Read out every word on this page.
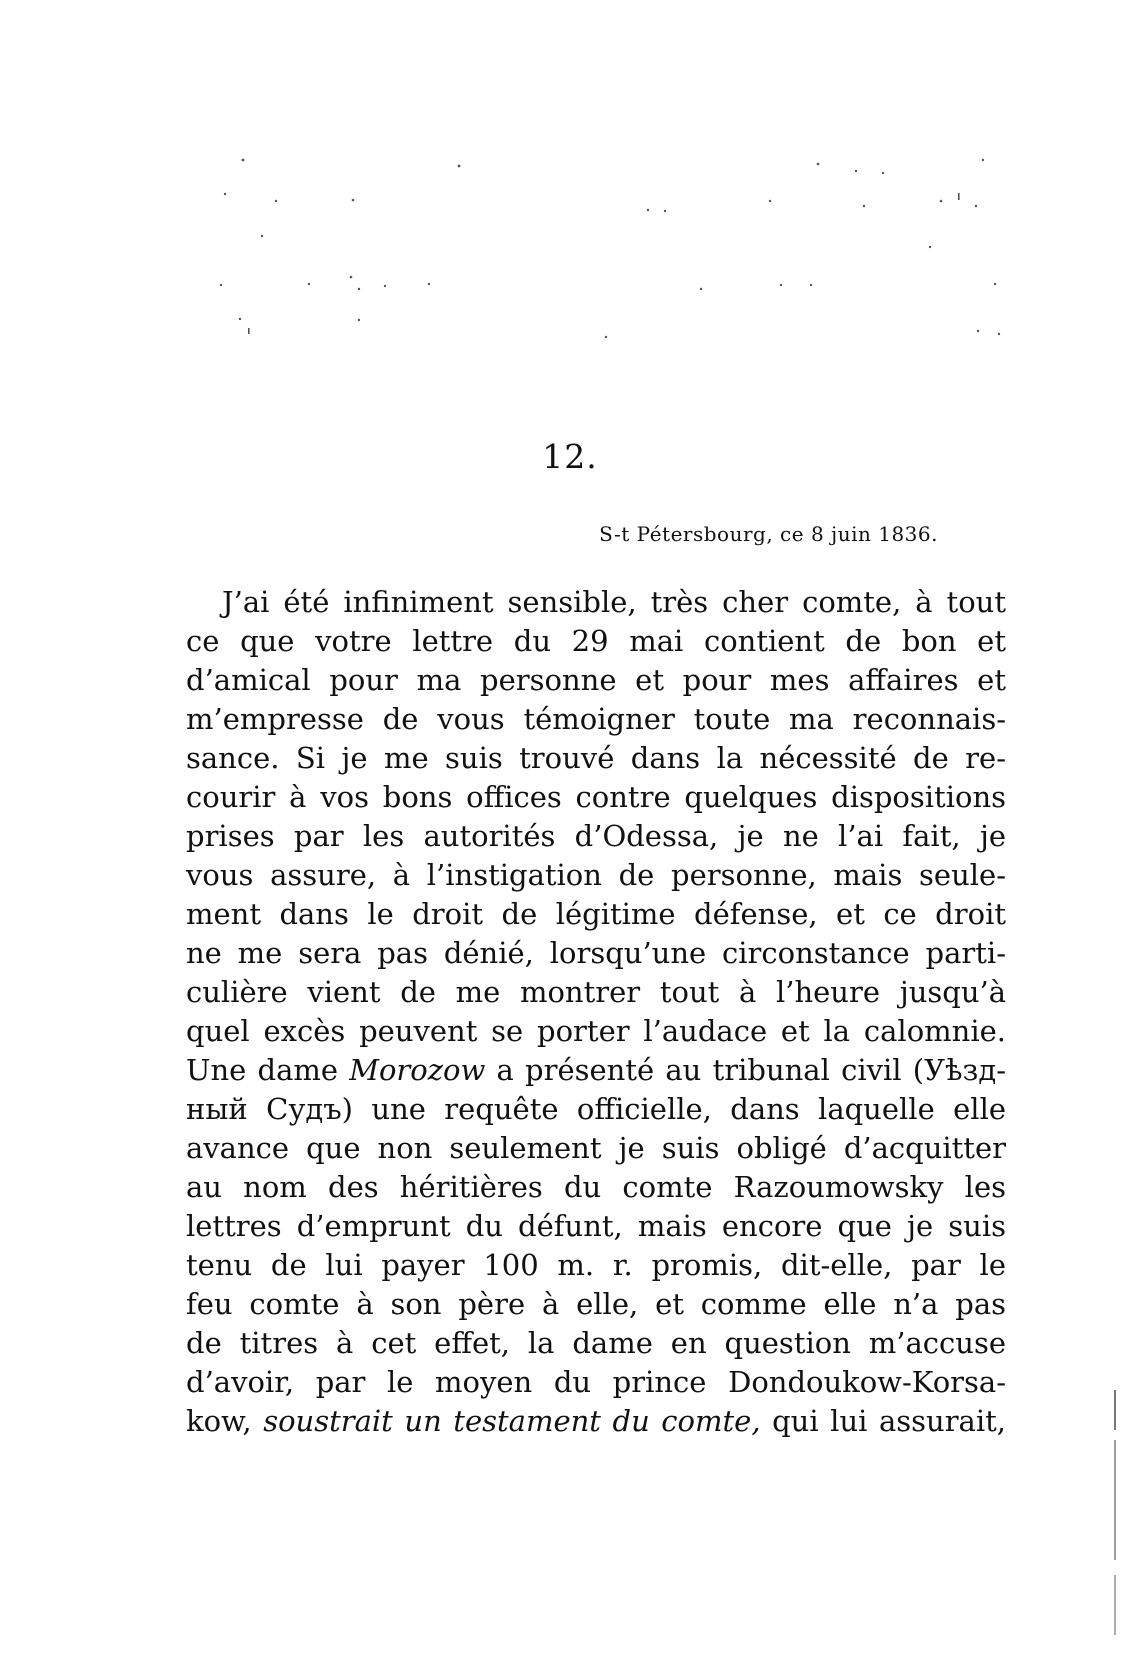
12.
S-t Pétersbourg, ce 8 juin 1836.
J’ai été infiniment sensible, très cher comte, à tout
ce que votre lettre du 29 mai contient de bon et
d’amical pour ma personne et pour mes affaires et
m’empresse de vous témoigner toute ma reconnais-
sance. Si je me suis trouvé dans la nécessité de re-
courir à vos bons offices contre quelques dispositions
prises par les autorités d’Odessa, je ne l’ai fait, je
vous assure, à l’instigation de personne, mais seule-
ment dans le droit de légitime défense, et ce droit
ne me sera pas dénié, lorsqu’une circonstance parti-
culière vient de me montrer tout à l’heure jusqu’à
quel excès peuvent se porter l’audace et la calomnie.
Une dame Morozow a présenté au tribunal civil (Уѣзд-
ный Судъ) une requête officielle, dans laquelle elle
avance que non seulement je suis obligé d’acquitter
au nom des héritières du comte Razoumowsky les
lettres d’emprunt du défunt, mais encore que je suis
tenu de lui payer 100 m. r. promis, dit-elle, par le
feu comte à son père à elle, et comme elle n’a pas
de titres à cet effet, la dame en question m’accuse
d’avoir, par le moyen du prince Dondoukow-Korsa-
kow, soustrait un testament du comte, qui lui assurait,
